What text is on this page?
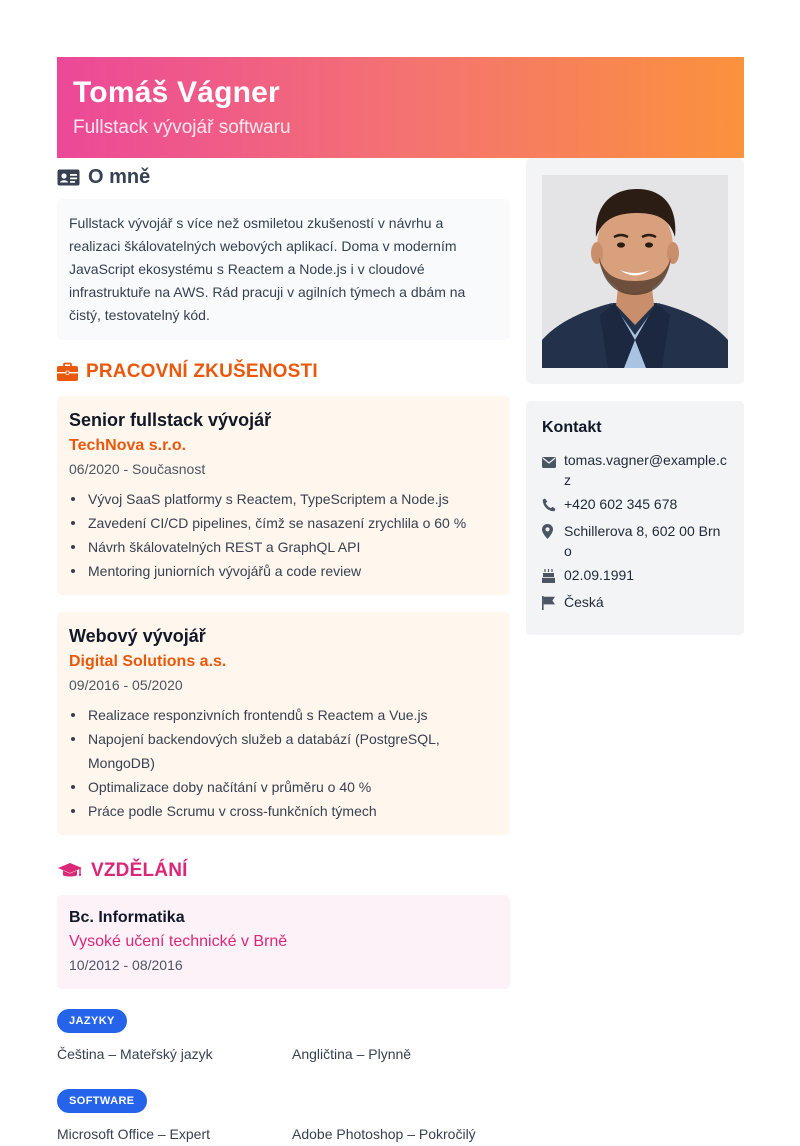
Tomáš Vágner
Fullstack vývojář softwaru
O mně
Fullstack vývojář s více než osmiletou zkušeností v návrhu a realizaci škálovatelných webových aplikací. Doma v moderním JavaScript ekosystému s Reactem a Node.js i v cloudové infrastruktuře na AWS. Rád pracuji v agilních týmech a dbám na čistý, testovatelný kód.
PRACOVNÍ ZKUŠENOSTI
Senior fullstack vývojář
TechNova s.r.o.
06/2020 - Současnost
Vývoj SaaS platformy s Reactem, TypeScriptem a Node.js
Zavedení CI/CD pipelines, čímž se nasazení zrychlila o 60 %
Návrh škálovatelných REST a GraphQL API
Mentoring juniorních vývojářů a code review
Webový vývojář
Digital Solutions a.s.
09/2016 - 05/2020
Realizace responzivních frontendů s Reactem a Vue.js
Napojení backendových služeb a databází (PostgreSQL, MongoDB)
Optimalizace doby načítání v průměru o 40 %
Práce podle Scrumu v cross-funkčních týmech
VZDĚLÁNÍ
Bc. Informatika
Vysoké učení technické v Brně
10/2012 - 08/2016
JAZYKY
Čeština – Mateřský jazyk	Angličtina – Plynně
SOFTWARE
Microsoft Office – Expert	Adobe Photoshop – Pokročilý
Kontakt
tomas.vagner@example.cz
+420 602 345 678
Schillerova 8, 602 00 Brno
02.09.1991
Česká
